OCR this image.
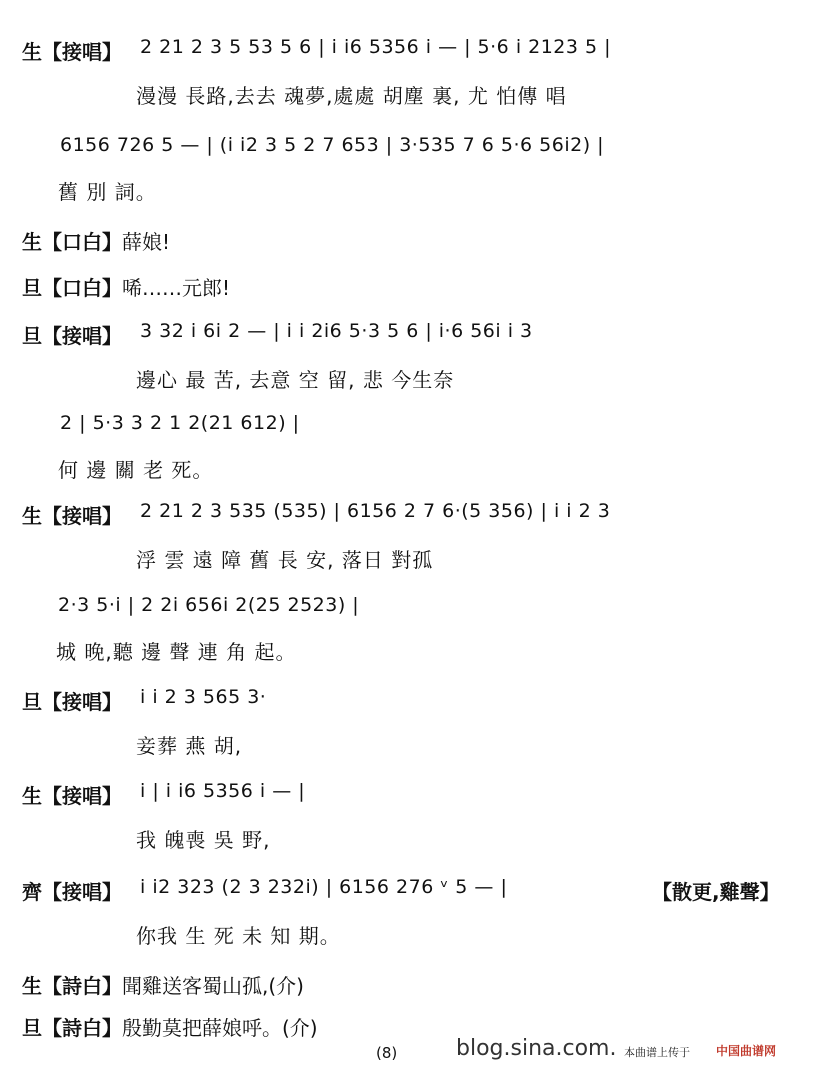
生【接唱】 2 21 2 3 5 53 5 6 | i i6 5356 i — | 5·6 i 2123 5 |
漫漫 長路,去去 魂夢,處處 胡塵 裏, 尤 怕傳 唱
6156 726 5 — | (i i2 3 5 2 7 653 | 3·535 7 6 5·6 56i2) |
舊 別 詞。
生【口白】薛娘!
旦【口白】唏……元郎!
旦【接唱】 3 32 i 6i 2 — | i i 2i6 5·3 5 6 | i·6 56i i 3
邊心 最 苦, 去意 空 留, 悲 今生奈
2 | 5·3 3 2 1 2(21 612) |
何 邊 關 老 死。
生【接唱】 2 21 2 3 535 (535) | 6156 2 7 6·(5 356) | i i 2 3
浮 雲 遠 障 舊 長 安, 落日 對孤
2·3 5·i | 2 2i 656i 2(25 2523) |
城 晚,聽 邊 聲 連 角 起。
旦【接唱】 i i 2 3 565 3·
妾葬 燕 胡,
生【接唱】 i | i i6 5356 i — |
我 魄喪 吳 野,
齊【接唱】 i i2 323 (2 3 232i) | 6156 276 ᵛ 5 — |	【散更,雞聲】
你我 生 死 未 知 期。
生【詩白】聞雞送客蜀山孤,(介)
旦【詩白】殷勤莫把薛娘呼。(介)
(8)	blog.sina.com. 本曲谱上传于 中国曲谱网
